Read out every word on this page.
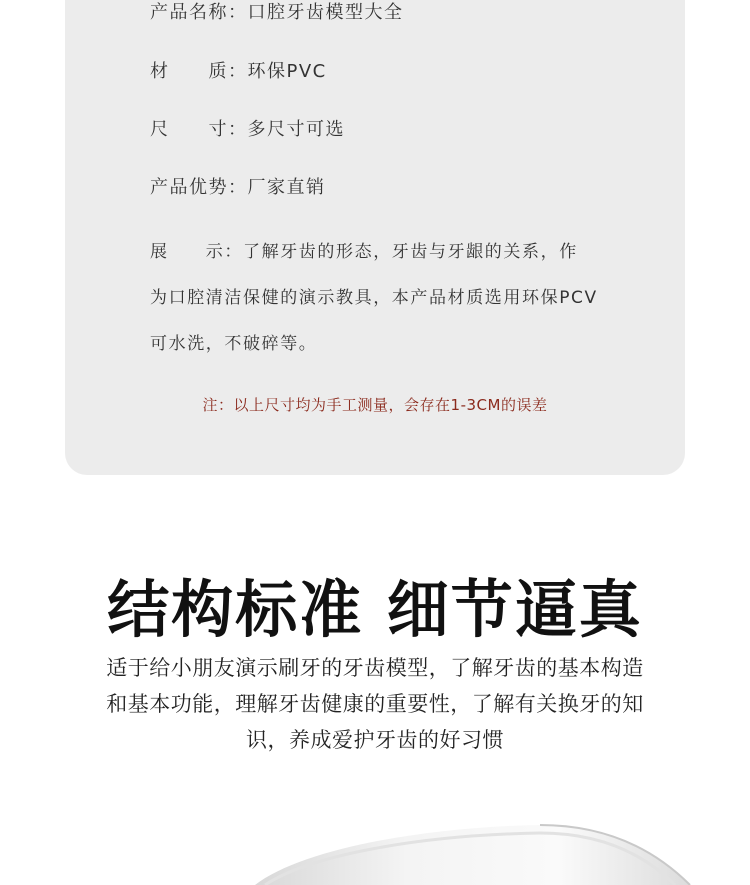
产品名称：口腔牙齿模型大全
材　　质：环保PVC
尺　　寸：多尺寸可选
产品优势：厂家直销
展　　示：了解牙齿的形态，牙齿与牙龈的关系，作
为口腔清洁保健的演示教具，本产品材质选用环保PCV
可水洗，不破碎等。
注：以上尺寸均为手工测量，会存在1-3CM的误差
结构标准 细节逼真
适于给小朋友演示刷牙的牙齿模型，了解牙齿的基本构造
和基本功能，理解牙齿健康的重要性，了解有关换牙的知
识，养成爱护牙齿的好习惯
